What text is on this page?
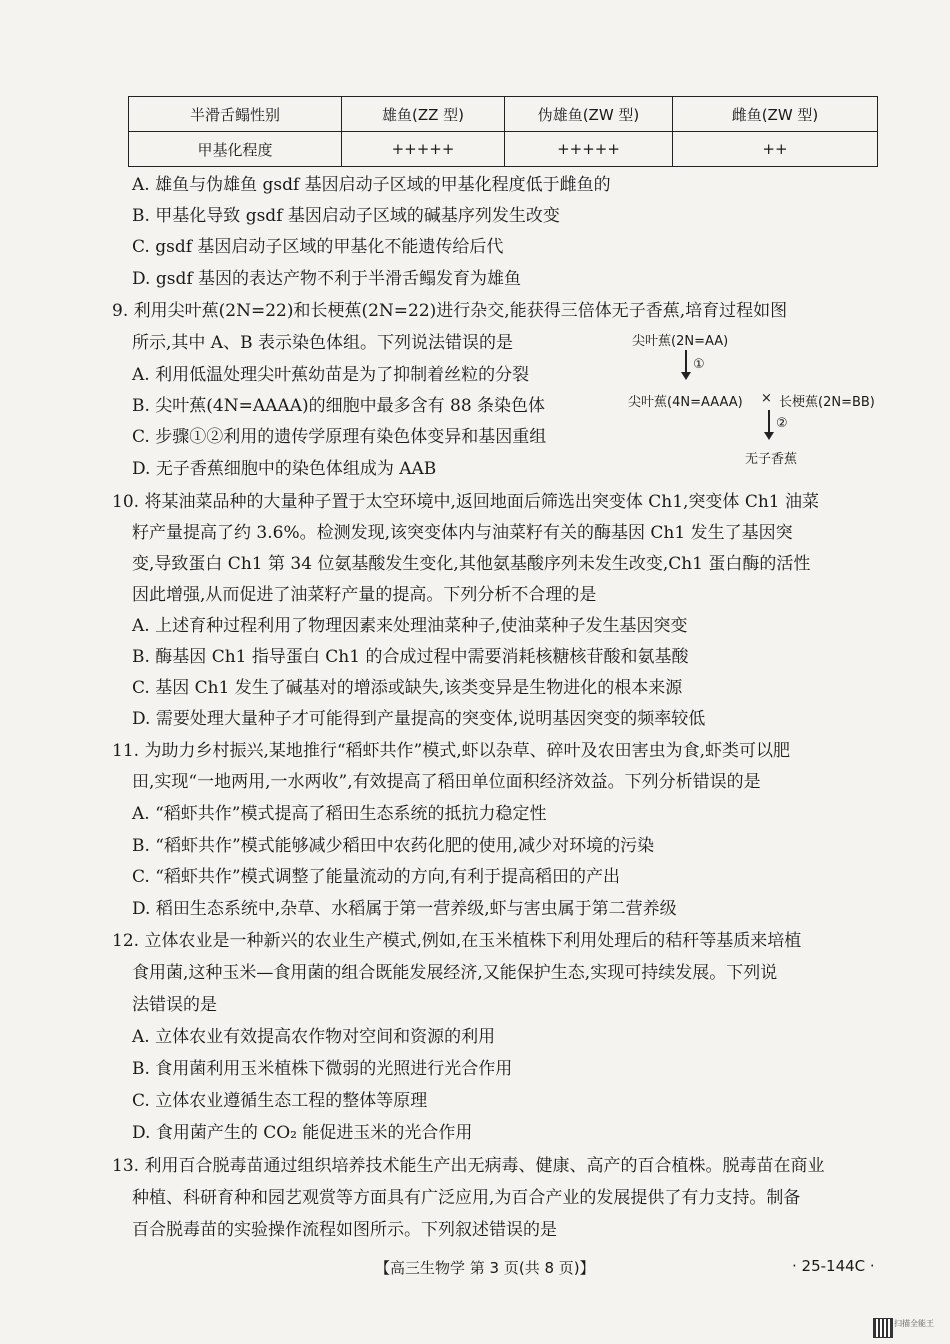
半滑舌鳎性别	雄鱼(ZZ 型)	伪雄鱼(ZW 型)	雌鱼(ZW 型)
甲基化程度	+++++	+++++	++
A. 雄鱼与伪雄鱼 gsdf 基因启动子区域的甲基化程度低于雌鱼的
B. 甲基化导致 gsdf 基因启动子区域的碱基序列发生改变
C. gsdf 基因启动子区域的甲基化不能遗传给后代
D. gsdf 基因的表达产物不利于半滑舌鳎发育为雄鱼
9. 利用尖叶蕉(2N=22)和长梗蕉(2N=22)进行杂交,能获得三倍体无子香蕉,培育过程如图
所示,其中 A、B 表示染色体组。下列说法错误的是
A. 利用低温处理尖叶蕉幼苗是为了抑制着丝粒的分裂
B. 尖叶蕉(4N=AAAA)的细胞中最多含有 88 条染色体
C. 步骤①②利用的遗传学原理有染色体变异和基因重组
D. 无子香蕉细胞中的染色体组成为 AAB
尖叶蕉(2N=AA)
①
尖叶蕉(4N=AAAA) × 长梗蕉(2N=BB)
②
无子香蕉
10. 将某油菜品种的大量种子置于太空环境中,返回地面后筛选出突变体 Ch1,突变体 Ch1 油菜
籽产量提高了约 3.6%。检测发现,该突变体内与油菜籽有关的酶基因 Ch1 发生了基因突
变,导致蛋白 Ch1 第 34 位氨基酸发生变化,其他氨基酸序列未发生改变,Ch1 蛋白酶的活性
因此增强,从而促进了油菜籽产量的提高。下列分析不合理的是
A. 上述育种过程利用了物理因素来处理油菜种子,使油菜种子发生基因突变
B. 酶基因 Ch1 指导蛋白 Ch1 的合成过程中需要消耗核糖核苷酸和氨基酸
C. 基因 Ch1 发生了碱基对的增添或缺失,该类变异是生物进化的根本来源
D. 需要处理大量种子才可能得到产量提高的突变体,说明基因突变的频率较低
11. 为助力乡村振兴,某地推行“稻虾共作”模式,虾以杂草、碎叶及农田害虫为食,虾类可以肥
田,实现“一地两用,一水两收”,有效提高了稻田单位面积经济效益。下列分析错误的是
A. “稻虾共作”模式提高了稻田生态系统的抵抗力稳定性
B. “稻虾共作”模式能够减少稻田中农药化肥的使用,减少对环境的污染
C. “稻虾共作”模式调整了能量流动的方向,有利于提高稻田的产出
D. 稻田生态系统中,杂草、水稻属于第一营养级,虾与害虫属于第二营养级
12. 立体农业是一种新兴的农业生产模式,例如,在玉米植株下利用处理后的秸秆等基质来培植
食用菌,这种玉米—食用菌的组合既能发展经济,又能保护生态,实现可持续发展。下列说
法错误的是
A. 立体农业有效提高农作物对空间和资源的利用
B. 食用菌利用玉米植株下微弱的光照进行光合作用
C. 立体农业遵循生态工程的整体等原理
D. 食用菌产生的 CO₂ 能促进玉米的光合作用
13. 利用百合脱毒苗通过组织培养技术能生产出无病毒、健康、高产的百合植株。脱毒苗在商业
种植、科研育种和园艺观赏等方面具有广泛应用,为百合产业的发展提供了有力支持。制备
百合脱毒苗的实验操作流程如图所示。下列叙述错误的是
【高三生物学 第 3 页(共 8 页)】	· 25-144C ·
扫描全能王
